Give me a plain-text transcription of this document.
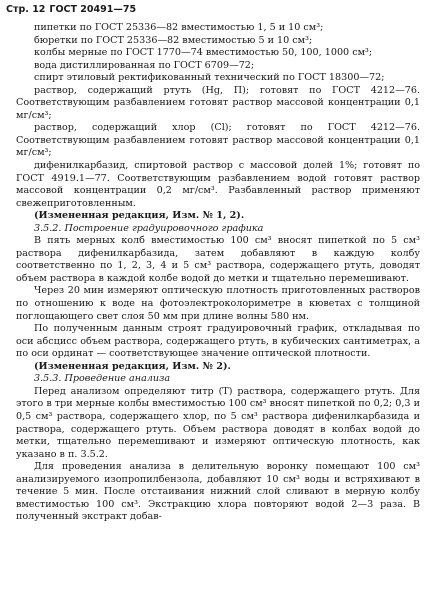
Стр. 12 ГОСТ 20491—75

пипетки по ГОСТ 25336—82 вместимостью 1, 5 и 10 см³;

бюретки по ГОСТ 25336—82 вместимостью 5 и 10 см³;

колбы мерные по ГОСТ 1770—74 вместимостью 50, 100, 1000 см³;

вода дистиллированная по ГОСТ 6709—72;

спирт этиловый ректификованный технический по ГОСТ 18300—72;

раствор, содержащий ртуть (Hg, П); готовят по ГОСТ 4212—76. Соответствующим разбавлением готовят раствор массовой концентрации 0,1 мг/см³;

раствор, содержащий хлор (Cl); готовят по ГОСТ 4212—76. Соответствующим разбавлением готовят раствор массовой концентрации 0,1 мг/см³;

дифенилкарбазид, спиртовой раствор с массовой долей 1%; готовят по ГОСТ 4919.1—77. Соответствующим разбавлением водой готовят раствор массовой концентрации 0,2 мг/см³. Разбавленный раствор применяют свежеприготовленным.

(Измененная редакция, Изм. № 1, 2).

3.5.2. Построение градуировочного графика

В пять мерных колб вместимостью 100 см³ вносят пипеткой по 5 см³ раствора дифенилкарбазида, затем добавляют в каждую колбу соответственно по 1, 2, 3, 4 и 5 см³ раствора, содержащего ртуть, доводят объем раствора в каждой колбе водой до метки и тщательно перемешивают.

Через 20 мин измеряют оптическую плотность приготовленных растворов по отношению к воде на фотоэлектроколориметре в кюветах с толщиной поглощающего свет слоя 50 мм при длине волны 580 нм.

По полученным данным строят градуировочный график, откладывая по оси абсцисс объем раствора, содержащего ртуть, в кубических сантиметрах, а по оси ординат — соответствующее значение оптической плотности.

(Измененная редакция, Изм. № 2).

3.5.3. Проведение анализа

Перед анализом определяют титр (Т) раствора, содержащего ртуть. Для этого в три мерные колбы вместимостью 100 см³ вносят пипеткой по 0,2; 0,3 и 0,5 см³ раствора, содержащего хлор, по 5 см³ раствора дифенилкарбазида и раствора, содержащего ртуть. Объем раствора доводят в колбах водой до метки, тщательно перемешивают и измеряют оптическую плотность, как указано в п. 3.5.2.

Для проведения анализа в делительную воронку помещают 100 см³ анализируемого изопропилбензола, добавляют 10 см³ воды и встряхивают в течение 5 мин. После отстаивания нижний слой сливают в мерную колбу вместимостью 100 см³. Экстракцию хлора повторяют водой 2—3 раза. В полученный экстракт добав-
